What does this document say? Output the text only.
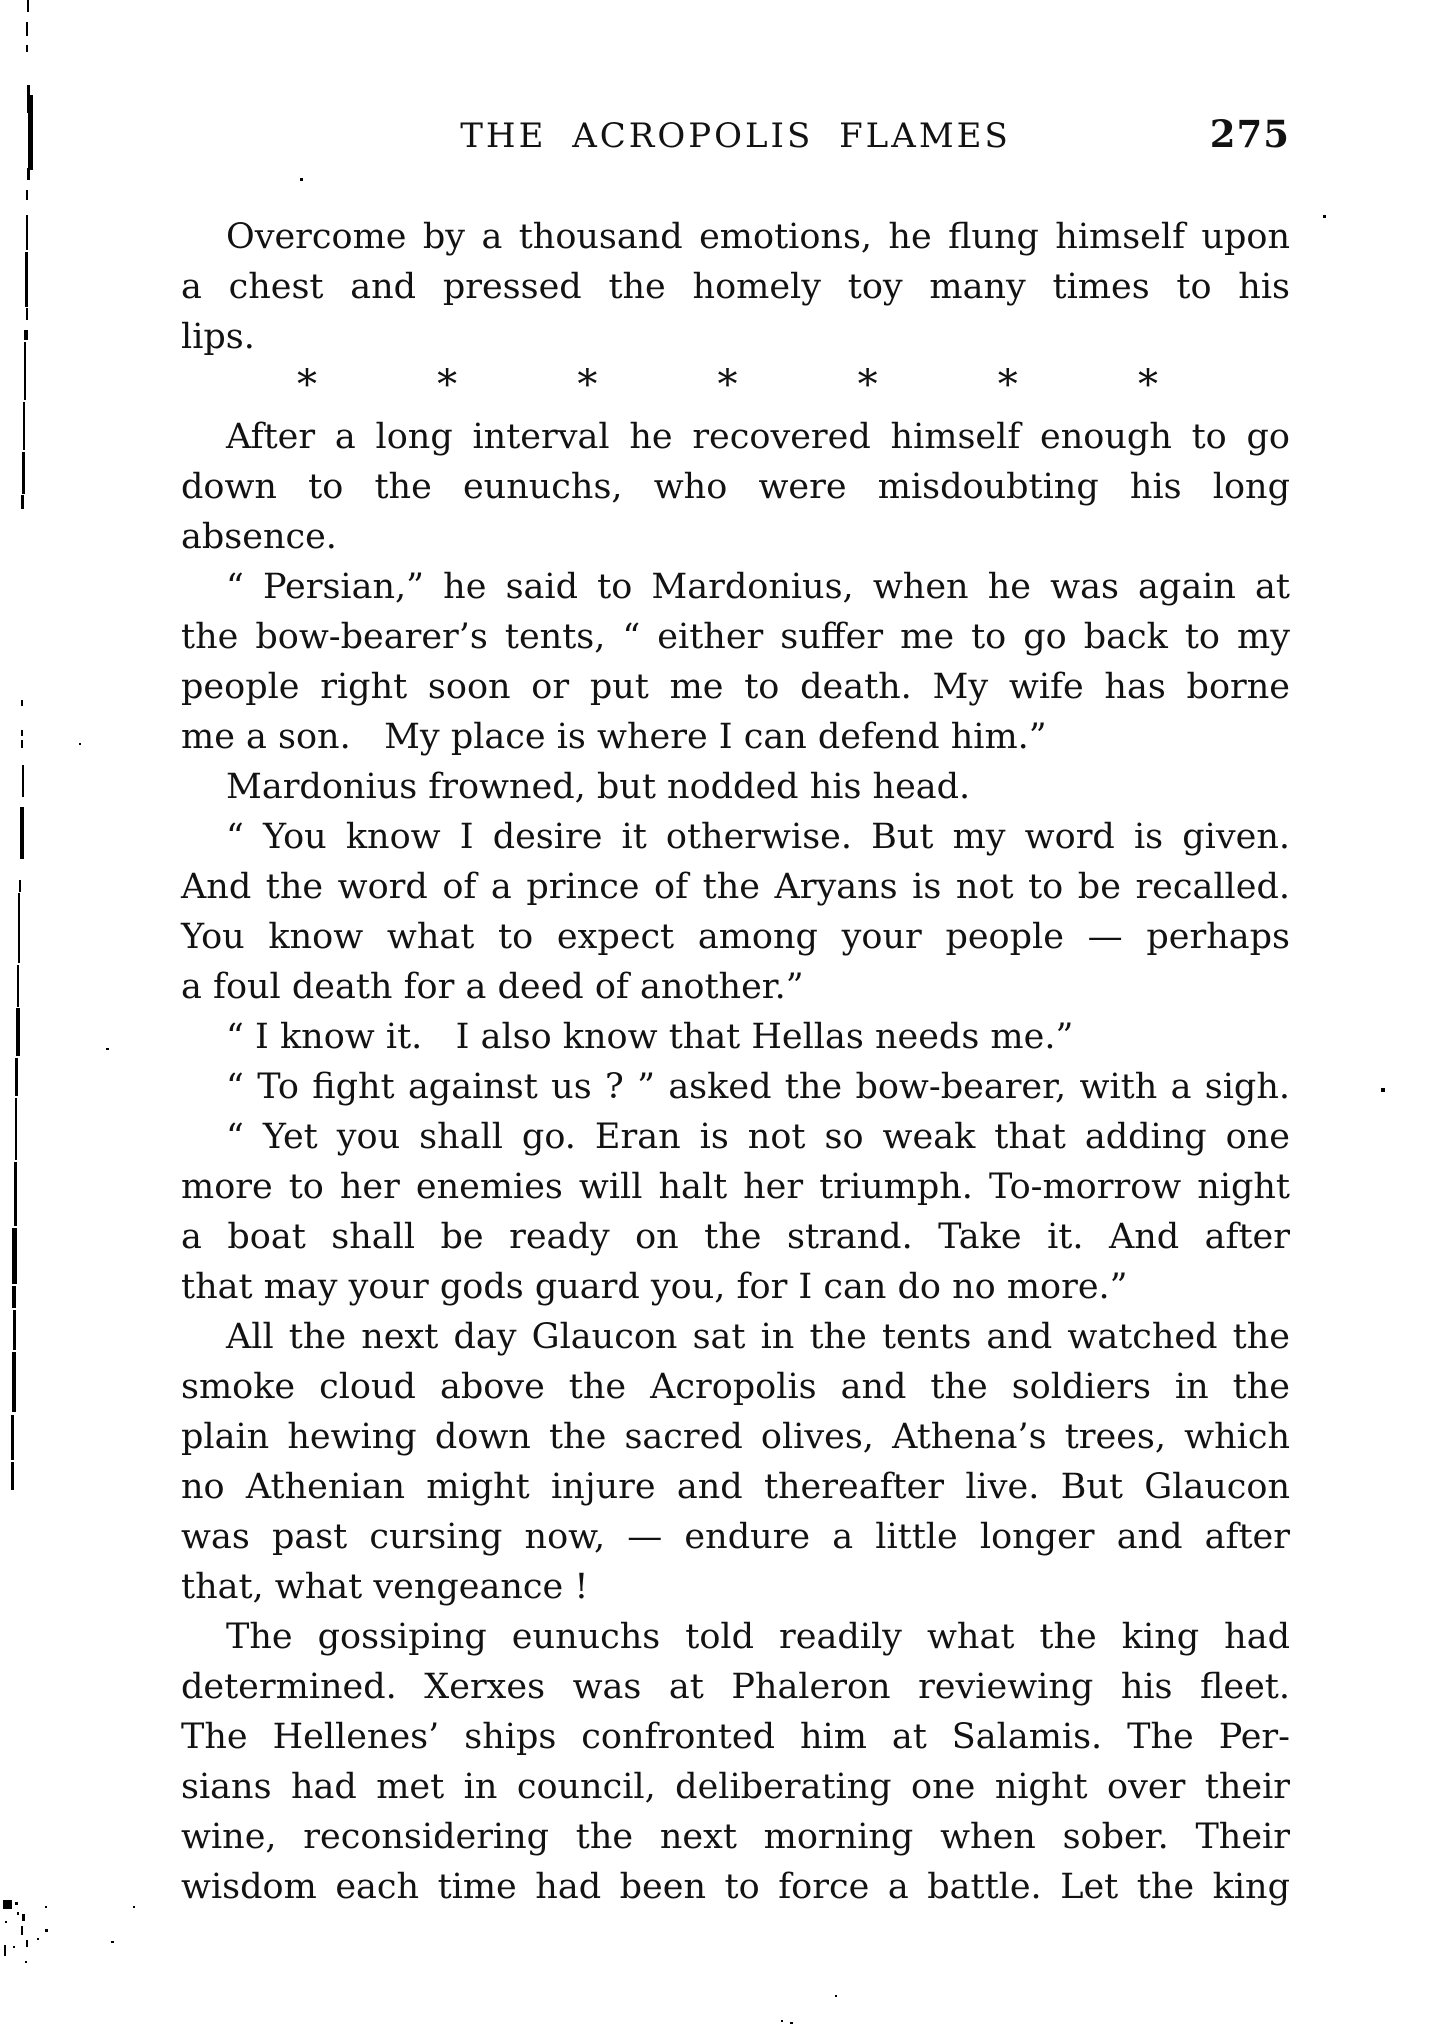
THE ACROPOLIS FLAMES	275
Overcome by a thousand emotions, he flung himself upon
a chest and pressed the homely toy many times to his
lips.
*	*	*	*	*	*	*
After a long interval he recovered himself enough to go
down to the eunuchs, who were misdoubting his long absence.
“ Persian,” he said to Mardonius, when he was again at
the bow-bearer’s tents, “ either suffer me to go back to my
people right soon or put me to death. My wife has borne
me a son.   My place is where I can defend him.”
Mardonius frowned, but nodded his head.
“ You know I desire it otherwise. But my word is given.
And the word of a prince of the Aryans is not to be recalled.
You know what to expect among your people — perhaps
a foul death for a deed of another.”
“ I know it.   I also know that Hellas needs me.”
“ To fight against us ? ” asked the bow-bearer, with a sigh.
“ Yet you shall go. Eran is not so weak that adding one
more to her enemies will halt her triumph. To-morrow night
a boat shall be ready on the strand. Take it. And after
that may your gods guard you, for I can do no more.”
All the next day Glaucon sat in the tents and watched the
smoke cloud above the Acropolis and the soldiers in the
plain hewing down the sacred olives, Athena’s trees, which
no Athenian might injure and thereafter live. But Glaucon
was past cursing now, — endure a little longer and after
that, what vengeance !
The gossiping eunuchs told readily what the king had
determined. Xerxes was at Phaleron reviewing his fleet.
The Hellenes’ ships confronted him at Salamis. The Per-
sians had met in council, deliberating one night over their
wine, reconsidering the next morning when sober. Their
wisdom each time had been to force a battle. Let the king
